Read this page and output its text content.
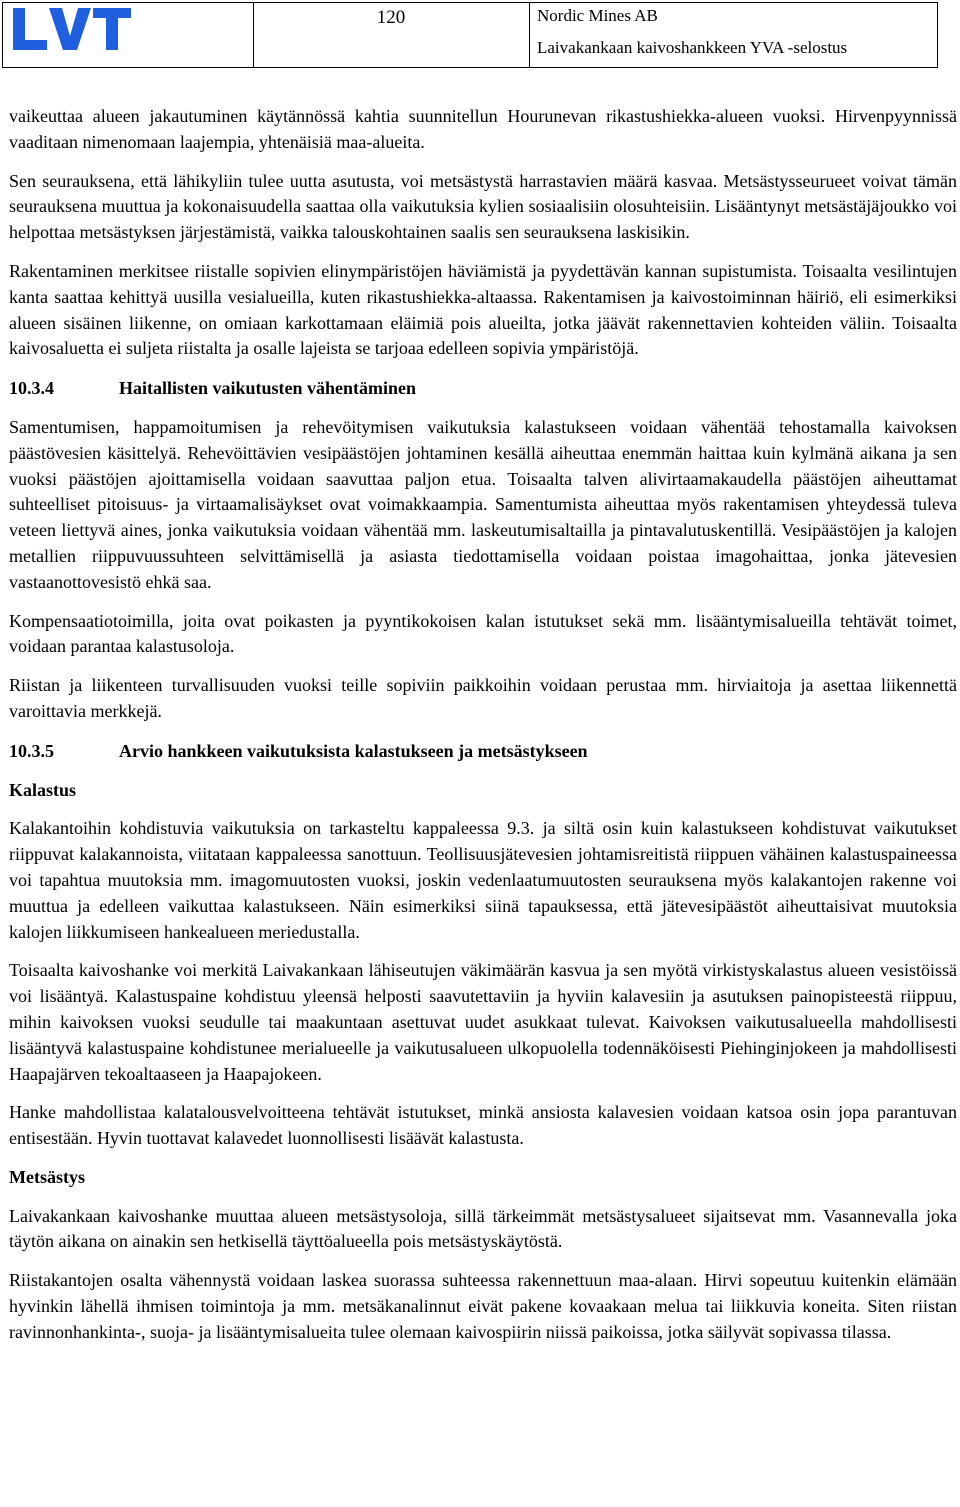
120	Nordic Mines AB
Laivakankaan kaivoshankkeen YVA -selostus

vaikeuttaa alueen jakautuminen käytännössä kahtia suunnitellun Hourunevan rikastushiekka-alueen vuoksi. Hirvenpyynnissä vaaditaan nimenomaan laajempia, yhtenäisiä maa-alueita.

Sen seurauksena, että lähikyliin tulee uutta asutusta, voi metsästystä harrastavien määrä kasvaa. Metsästysseurueet voivat tämän seurauksena muuttua ja kokonaisuudella saattaa olla vaikutuksia kylien sosiaalisiin olosuhteisiin. Lisääntynyt metsästäjäjoukko voi helpottaa metsästyksen järjestämistä, vaikka talouskohtainen saalis sen seurauksena laskisikin.

Rakentaminen merkitsee riistalle sopivien elinympäristöjen häviämistä ja pyydettävän kannan supistumista. Toisaalta vesilintujen kanta saattaa kehittyä uusilla vesialueilla, kuten rikastushiekka-altaassa. Rakentamisen ja kaivostoiminnan häiriö, eli esimerkiksi alueen sisäinen liikenne, on omiaan karkottamaan eläimiä pois alueilta, jotka jäävät rakennettavien kohteiden väliin. Toisaalta kaivosaluetta ei suljeta riistalta ja osalle lajeista se tarjoaa edelleen sopivia ympäristöjä.

10.3.4	Haitallisten vaikutusten vähentäminen

Samentumisen, happamoitumisen ja rehevöitymisen vaikutuksia kalastukseen voidaan vähentää tehostamalla kaivoksen päästövesien käsittelyä. Rehevöittävien vesipäästöjen johtaminen kesällä aiheuttaa enemmän haittaa kuin kylmänä aikana ja sen vuoksi päästöjen ajoittamisella voidaan saavuttaa paljon etua. Toisaalta talven alivirtaamakaudella päästöjen aiheuttamat suhteelliset pitoisuus- ja virtaamalisäykset ovat voimakkaampia. Samentumista aiheuttaa myös rakentamisen yhteydessä tuleva veteen liettyvä aines, jonka vaikutuksia voidaan vähentää mm. laskeutumisaltailla ja pintavalutuskentillä. Vesipäästöjen ja kalojen metallien riippuvuussuhteen selvittämisellä ja asiasta tiedottamisella voidaan poistaa imagohaittaa, jonka jätevesien vastaanottovesistö ehkä saa.

Kompensaatiotoimilla, joita ovat poikasten ja pyyntikokoisen kalan istutukset sekä mm. lisääntymisalueilla tehtävät toimet, voidaan parantaa kalastusoloja.

Riistan ja liikenteen turvallisuuden vuoksi teille sopiviin paikkoihin voidaan perustaa mm. hirviaitoja ja asettaa liikennettä varoittavia merkkejä.

10.3.5	Arvio hankkeen vaikutuksista kalastukseen ja metsästykseen
Kalastus

Kalakantoihin kohdistuvia vaikutuksia on tarkasteltu kappaleessa 9.3. ja siltä osin kuin kalastukseen kohdistuvat vaikutukset riippuvat kalakannoista, viitataan kappaleessa sanottuun. Teollisuusjätevesien johtamisreitistä riippuen vähäinen kalastuspaineessa voi tapahtua muutoksia mm. imagomuutosten vuoksi, joskin vedenlaatumuutosten seurauksena myös kalakantojen rakenne voi muuttua ja edelleen vaikuttaa kalastukseen. Näin esimerkiksi siinä tapauksessa, että jätevesipäästöt aiheuttaisivat muutoksia kalojen liikkumiseen hankealueen meriedustalla.

Toisaalta kaivoshanke voi merkitä Laivakankaan lähiseutujen väkimäärän kasvua ja sen myötä virkistyskalastus alueen vesistöissä voi lisääntyä. Kalastuspaine kohdistuu yleensä helposti saavutettaviin ja hyviin kalavesiin ja asutuksen painopisteestä riippuu, mihin kaivoksen vuoksi seudulle tai maakuntaan asettuvat uudet asukkaat tulevat. Kaivoksen vaikutusalueella mahdollisesti lisääntyvä kalastuspaine kohdistunee merialueelle ja vaikutusalueen ulkopuolella todennäköisesti Piehinginjokeen ja mahdollisesti Haapajärven tekoaltaaseen ja Haapajokeen.

Hanke mahdollistaa kalatalousvelvoitteena tehtävät istutukset, minkä ansiosta kalavesien voidaan katsoa osin jopa parantuvan entisestään. Hyvin tuottavat kalavedet luonnollisesti lisäävät kalastusta.

Metsästys

Laivakankaan kaivoshanke muuttaa alueen metsästysoloja, sillä tärkeimmät metsästysalueet sijaitsevat mm. Vasannevalla joka täytön aikana on ainakin sen hetkisellä täyttöalueella pois metsästyskäytöstä.

Riistakantojen osalta vähennystä voidaan laskea suorassa suhteessa rakennettuun maa-alaan. Hirvi sopeutuu kuitenkin elämään hyvinkin lähellä ihmisen toimintoja ja mm. metsäkanalinnut eivät pakene kovaakaan melua tai liikkuvia koneita. Siten riistan ravinnonhankinta-, suoja- ja lisääntymisalueita tulee olemaan kaivospiirin niissä paikoissa, jotka säilyvät sopivassa tilassa.
